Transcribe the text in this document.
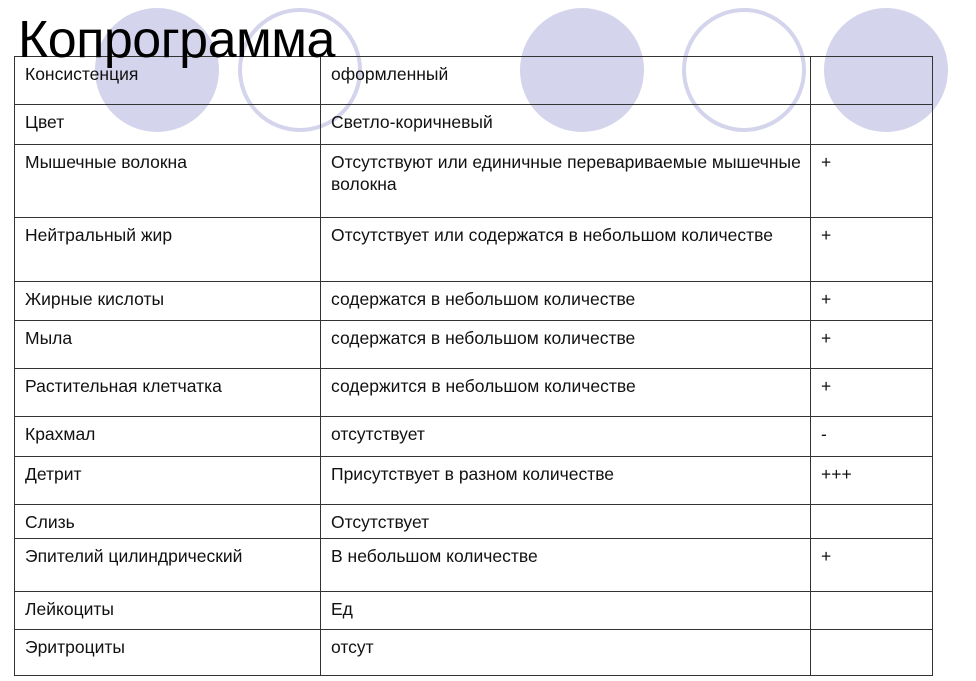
Консистенция	оформленный	
Цвет	Светло-коричневый	
Мышечные волокна	Отсутствуют или единичные перевариваемые мышечные волокна	+
Нейтральный жир	Отсутствует или содержатся в небольшом количестве	+
Жирные кислоты	содержатся в небольшом количестве	+
Мыла	содержатся в небольшом количестве	+
Растительная клетчатка	содержится в небольшом количестве	+
Крахмал	отсутствует	-
Детрит	Присутствует в разном количестве	+++
Слизь	Отсутствует	
Эпителий цилиндрический	В небольшом количестве	+
Лейкоциты	Ед	
Эритроциты	отсут	
Копрограмма
